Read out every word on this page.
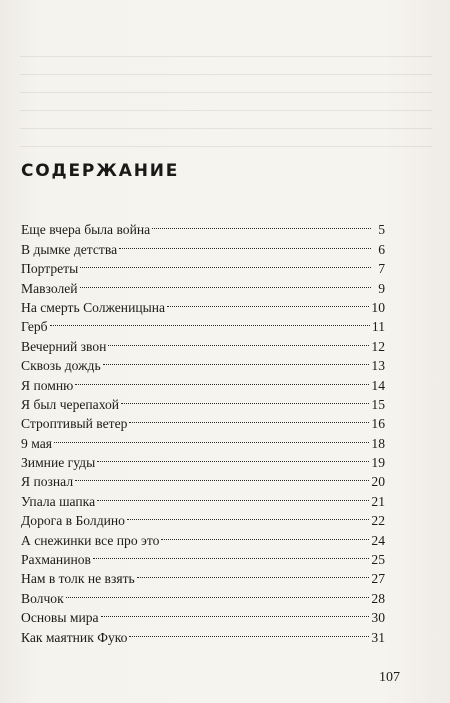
СОДЕРЖАНИЕ
Еще вчера была война	5
В дымке детства	6
Портреты	7
Мавзолей	9
На смерть Солженицына	10
Герб	11
Вечерний звон	12
Сквозь дождь	13
Я помню	14
Я был черепахой	15
Строптивый ветер	16
9 мая	18
Зимние гуды	19
Я познал	20
Упала шапка	21
Дорога в Болдино	22
А снежинки все про это	24
Рахманинов	25
Нам в толк не взять	27
Волчок	28
Основы мира	30
Как маятник Фуко	31
107
